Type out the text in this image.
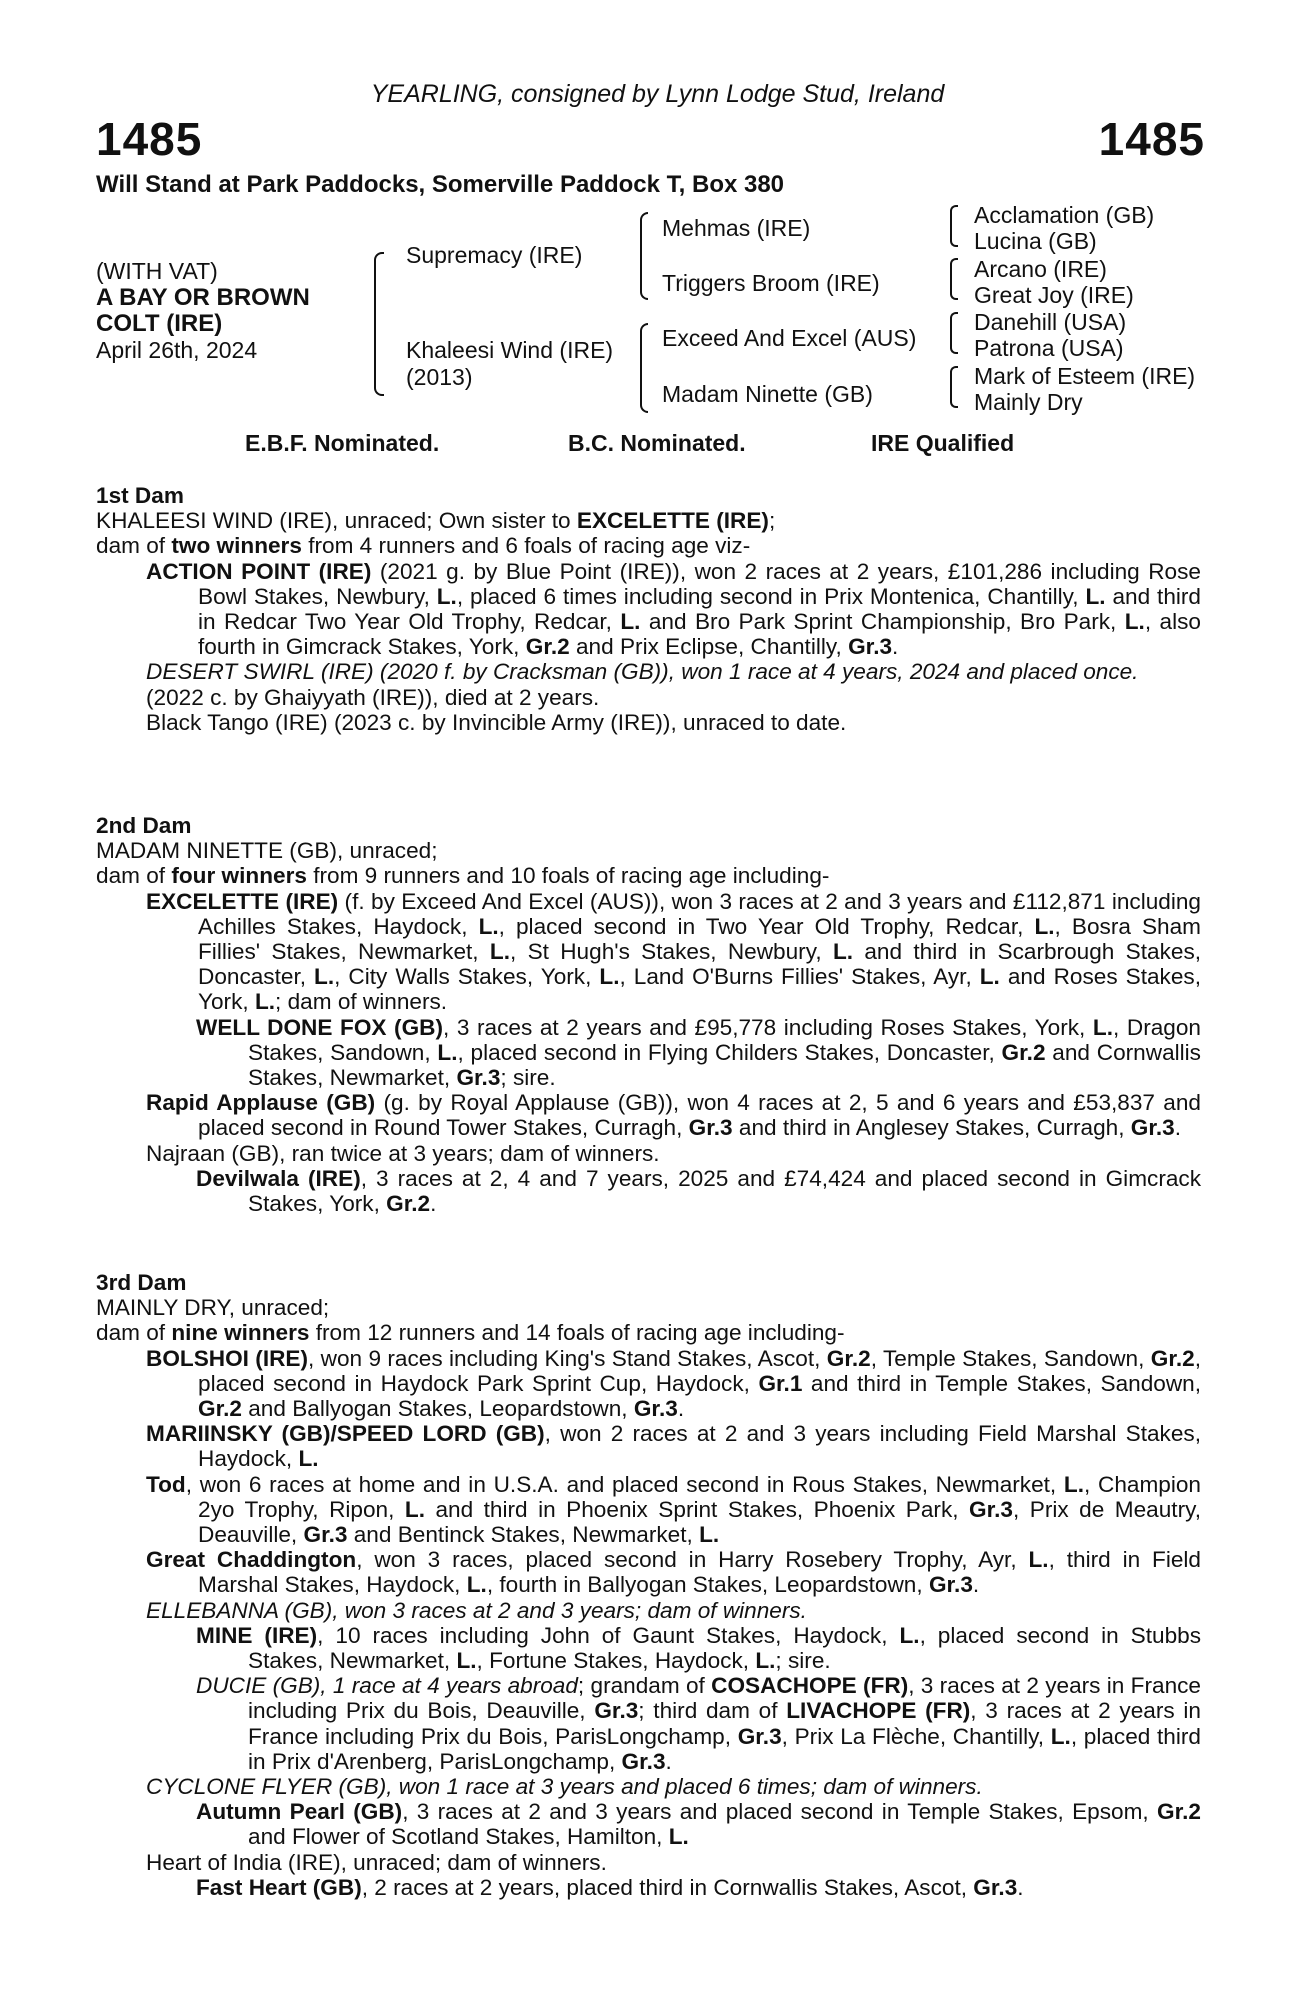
YEARLING, consigned by Lynn Lodge Stud, Ireland
1485	1485
Will Stand at Park Paddocks, Somerville Paddock T, Box 380
(WITH VAT)
A BAY OR BROWN
COLT (IRE)
April 26th, 2024
Supremacy (IRE)
Khaleesi Wind (IRE)
(2013)
Mehmas (IRE)
Triggers Broom (IRE)
Exceed And Excel (AUS)
Madam Ninette (GB)
Acclamation (GB)
Lucina (GB)
Arcano (IRE)
Great Joy (IRE)
Danehill (USA)
Patrona (USA)
Mark of Esteem (IRE)
Mainly Dry
E.B.F. Nominated.	B.C. Nominated.	IRE Qualified
1st Dam

KHALEESI WIND (IRE), unraced; Own sister to EXCELETTE (IRE);

dam of two winners from 4 runners and 6 foals of racing age viz-

ACTION POINT (IRE) (2021 g. by Blue Point (IRE)), won 2 races at 2 years, £101,286 including Rose Bowl Stakes, Newbury, L., placed 6 times including second in Prix Montenica, Chantilly, L. and third in Redcar Two Year Old Trophy, Redcar, L. and Bro Park Sprint Championship, Bro Park, L., also fourth in Gimcrack Stakes, York, Gr.2 and Prix Eclipse, Chantilly, Gr.3.

DESERT SWIRL (IRE) (2020 f. by Cracksman (GB)), won 1 race at 4 years, 2024 and placed once.

(2022 c. by Ghaiyyath (IRE)), died at 2 years.

Black Tango (IRE) (2023 c. by Invincible Army (IRE)), unraced to date.

2nd Dam

MADAM NINETTE (GB), unraced;

dam of four winners from 9 runners and 10 foals of racing age including-

EXCELETTE (IRE) (f. by Exceed And Excel (AUS)), won 3 races at 2 and 3 years and £112,871 including Achilles Stakes, Haydock, L., placed second in Two Year Old Trophy, Redcar, L., Bosra Sham Fillies' Stakes, Newmarket, L., St Hugh's Stakes, Newbury, L. and third in Scarbrough Stakes, Doncaster, L., City Walls Stakes, York, L., Land O'Burns Fillies' Stakes, Ayr, L. and Roses Stakes, York, L.; dam of winners.

WELL DONE FOX (GB), 3 races at 2 years and £95,778 including Roses Stakes, York, L., Dragon Stakes, Sandown, L., placed second in Flying Childers Stakes, Doncaster, Gr.2 and Cornwallis Stakes, Newmarket, Gr.3; sire.

Rapid Applause (GB) (g. by Royal Applause (GB)), won 4 races at 2, 5 and 6 years and £53,837 and placed second in Round Tower Stakes, Curragh, Gr.3 and third in Anglesey Stakes, Curragh, Gr.3.

Najraan (GB), ran twice at 3 years; dam of winners.

Devilwala (IRE), 3 races at 2, 4 and 7 years, 2025 and £74,424 and placed second in Gimcrack Stakes, York, Gr.2.

3rd Dam

MAINLY DRY, unraced;

dam of nine winners from 12 runners and 14 foals of racing age including-

BOLSHOI (IRE), won 9 races including King's Stand Stakes, Ascot, Gr.2, Temple Stakes, Sandown, Gr.2, placed second in Haydock Park Sprint Cup, Haydock, Gr.1 and third in Temple Stakes, Sandown, Gr.2 and Ballyogan Stakes, Leopardstown, Gr.3.

MARIINSKY (GB)/SPEED LORD (GB), won 2 races at 2 and 3 years including Field Marshal Stakes, Haydock, L.

Tod, won 6 races at home and in U.S.A. and placed second in Rous Stakes, Newmarket, L., Champion 2yo Trophy, Ripon, L. and third in Phoenix Sprint Stakes, Phoenix Park, Gr.3, Prix de Meautry, Deauville, Gr.3 and Bentinck Stakes, Newmarket, L.

Great Chaddington, won 3 races, placed second in Harry Rosebery Trophy, Ayr, L., third in Field Marshal Stakes, Haydock, L., fourth in Ballyogan Stakes, Leopardstown, Gr.3.

ELLEBANNA (GB), won 3 races at 2 and 3 years; dam of winners.

MINE (IRE), 10 races including John of Gaunt Stakes, Haydock, L., placed second in Stubbs Stakes, Newmarket, L., Fortune Stakes, Haydock, L.; sire.

DUCIE (GB), 1 race at 4 years abroad; grandam of COSACHOPE (FR), 3 races at 2 years in France including Prix du Bois, Deauville, Gr.3; third dam of LIVACHOPE (FR), 3 races at 2 years in France including Prix du Bois, ParisLongchamp, Gr.3, Prix La Flèche, Chantilly, L., placed third in Prix d'Arenberg, ParisLongchamp, Gr.3.

CYCLONE FLYER (GB), won 1 race at 3 years and placed 6 times; dam of winners.

Autumn Pearl (GB), 3 races at 2 and 3 years and placed second in Temple Stakes, Epsom, Gr.2 and Flower of Scotland Stakes, Hamilton, L.

Heart of India (IRE), unraced; dam of winners.

Fast Heart (GB), 2 races at 2 years, placed third in Cornwallis Stakes, Ascot, Gr.3.
